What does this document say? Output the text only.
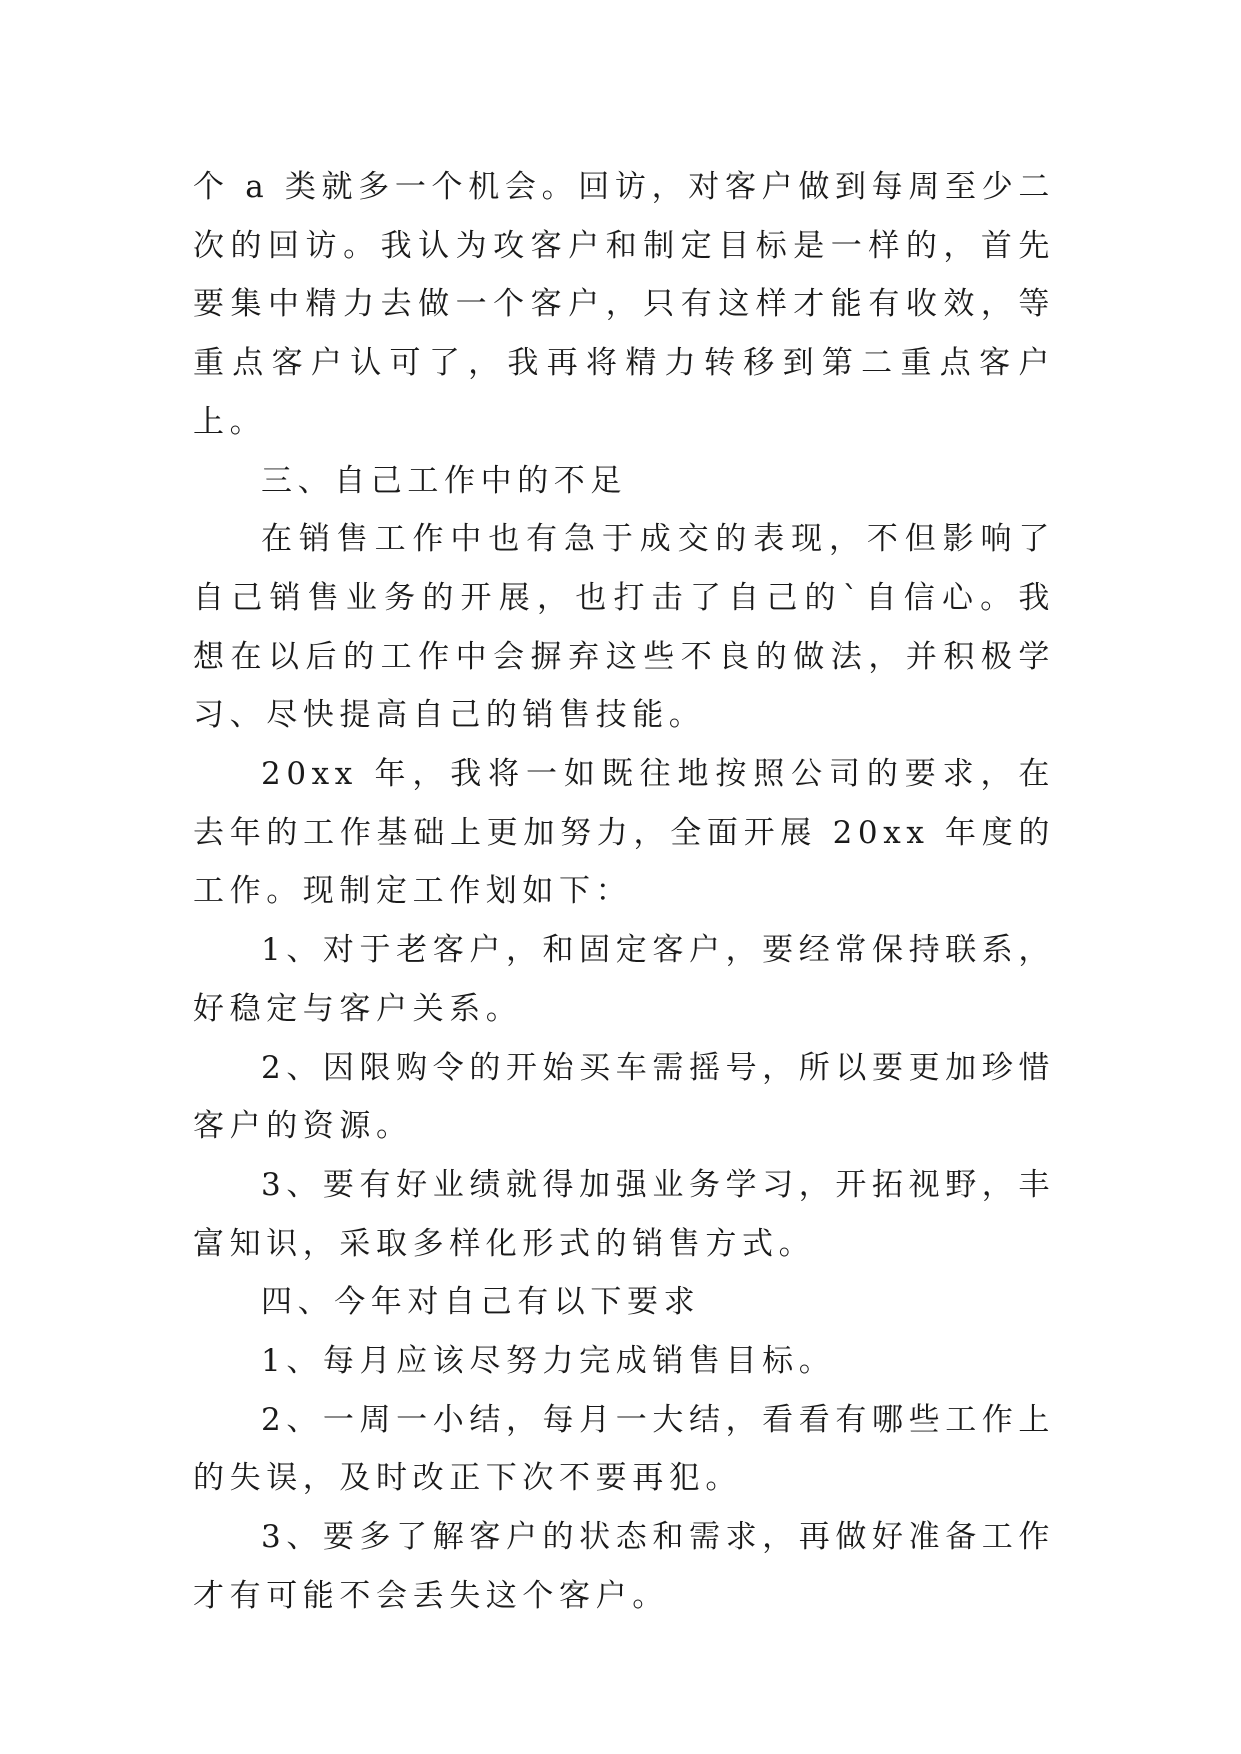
个 a 类就多一个机会。回访，对客户做到每周至少二次的回访。我认为攻客户和制定目标是一样的，首先要集中精力去做一个客户，只有这样才能有收效，等重点客户认可了，我再将精力转移到第二重点客户上。

三、自己工作中的不足

在销售工作中也有急于成交的表现，不但影响了自己销售业务的开展，也打击了自己的`自信心。我想在以后的工作中会摒弃这些不良的做法，并积极学习、尽快提高自己的销售技能。

20xx 年，我将一如既往地按照公司的要求，在去年的工作基础上更加努力，全面开展 20xx 年度的工作。现制定工作划如下：

1、对于老客户，和固定客户，要经常保持联系，好稳定与客户关系。

2、因限购令的开始买车需摇号，所以要更加珍惜客户的资源。

3、要有好业绩就得加强业务学习，开拓视野，丰富知识，采取多样化形式的销售方式。

四、今年对自己有以下要求

1、每月应该尽努力完成销售目标。

2、一周一小结，每月一大结，看看有哪些工作上的失误，及时改正下次不要再犯。

3、要多了解客户的状态和需求，再做好准备工作才有可能不会丢失这个客户。
